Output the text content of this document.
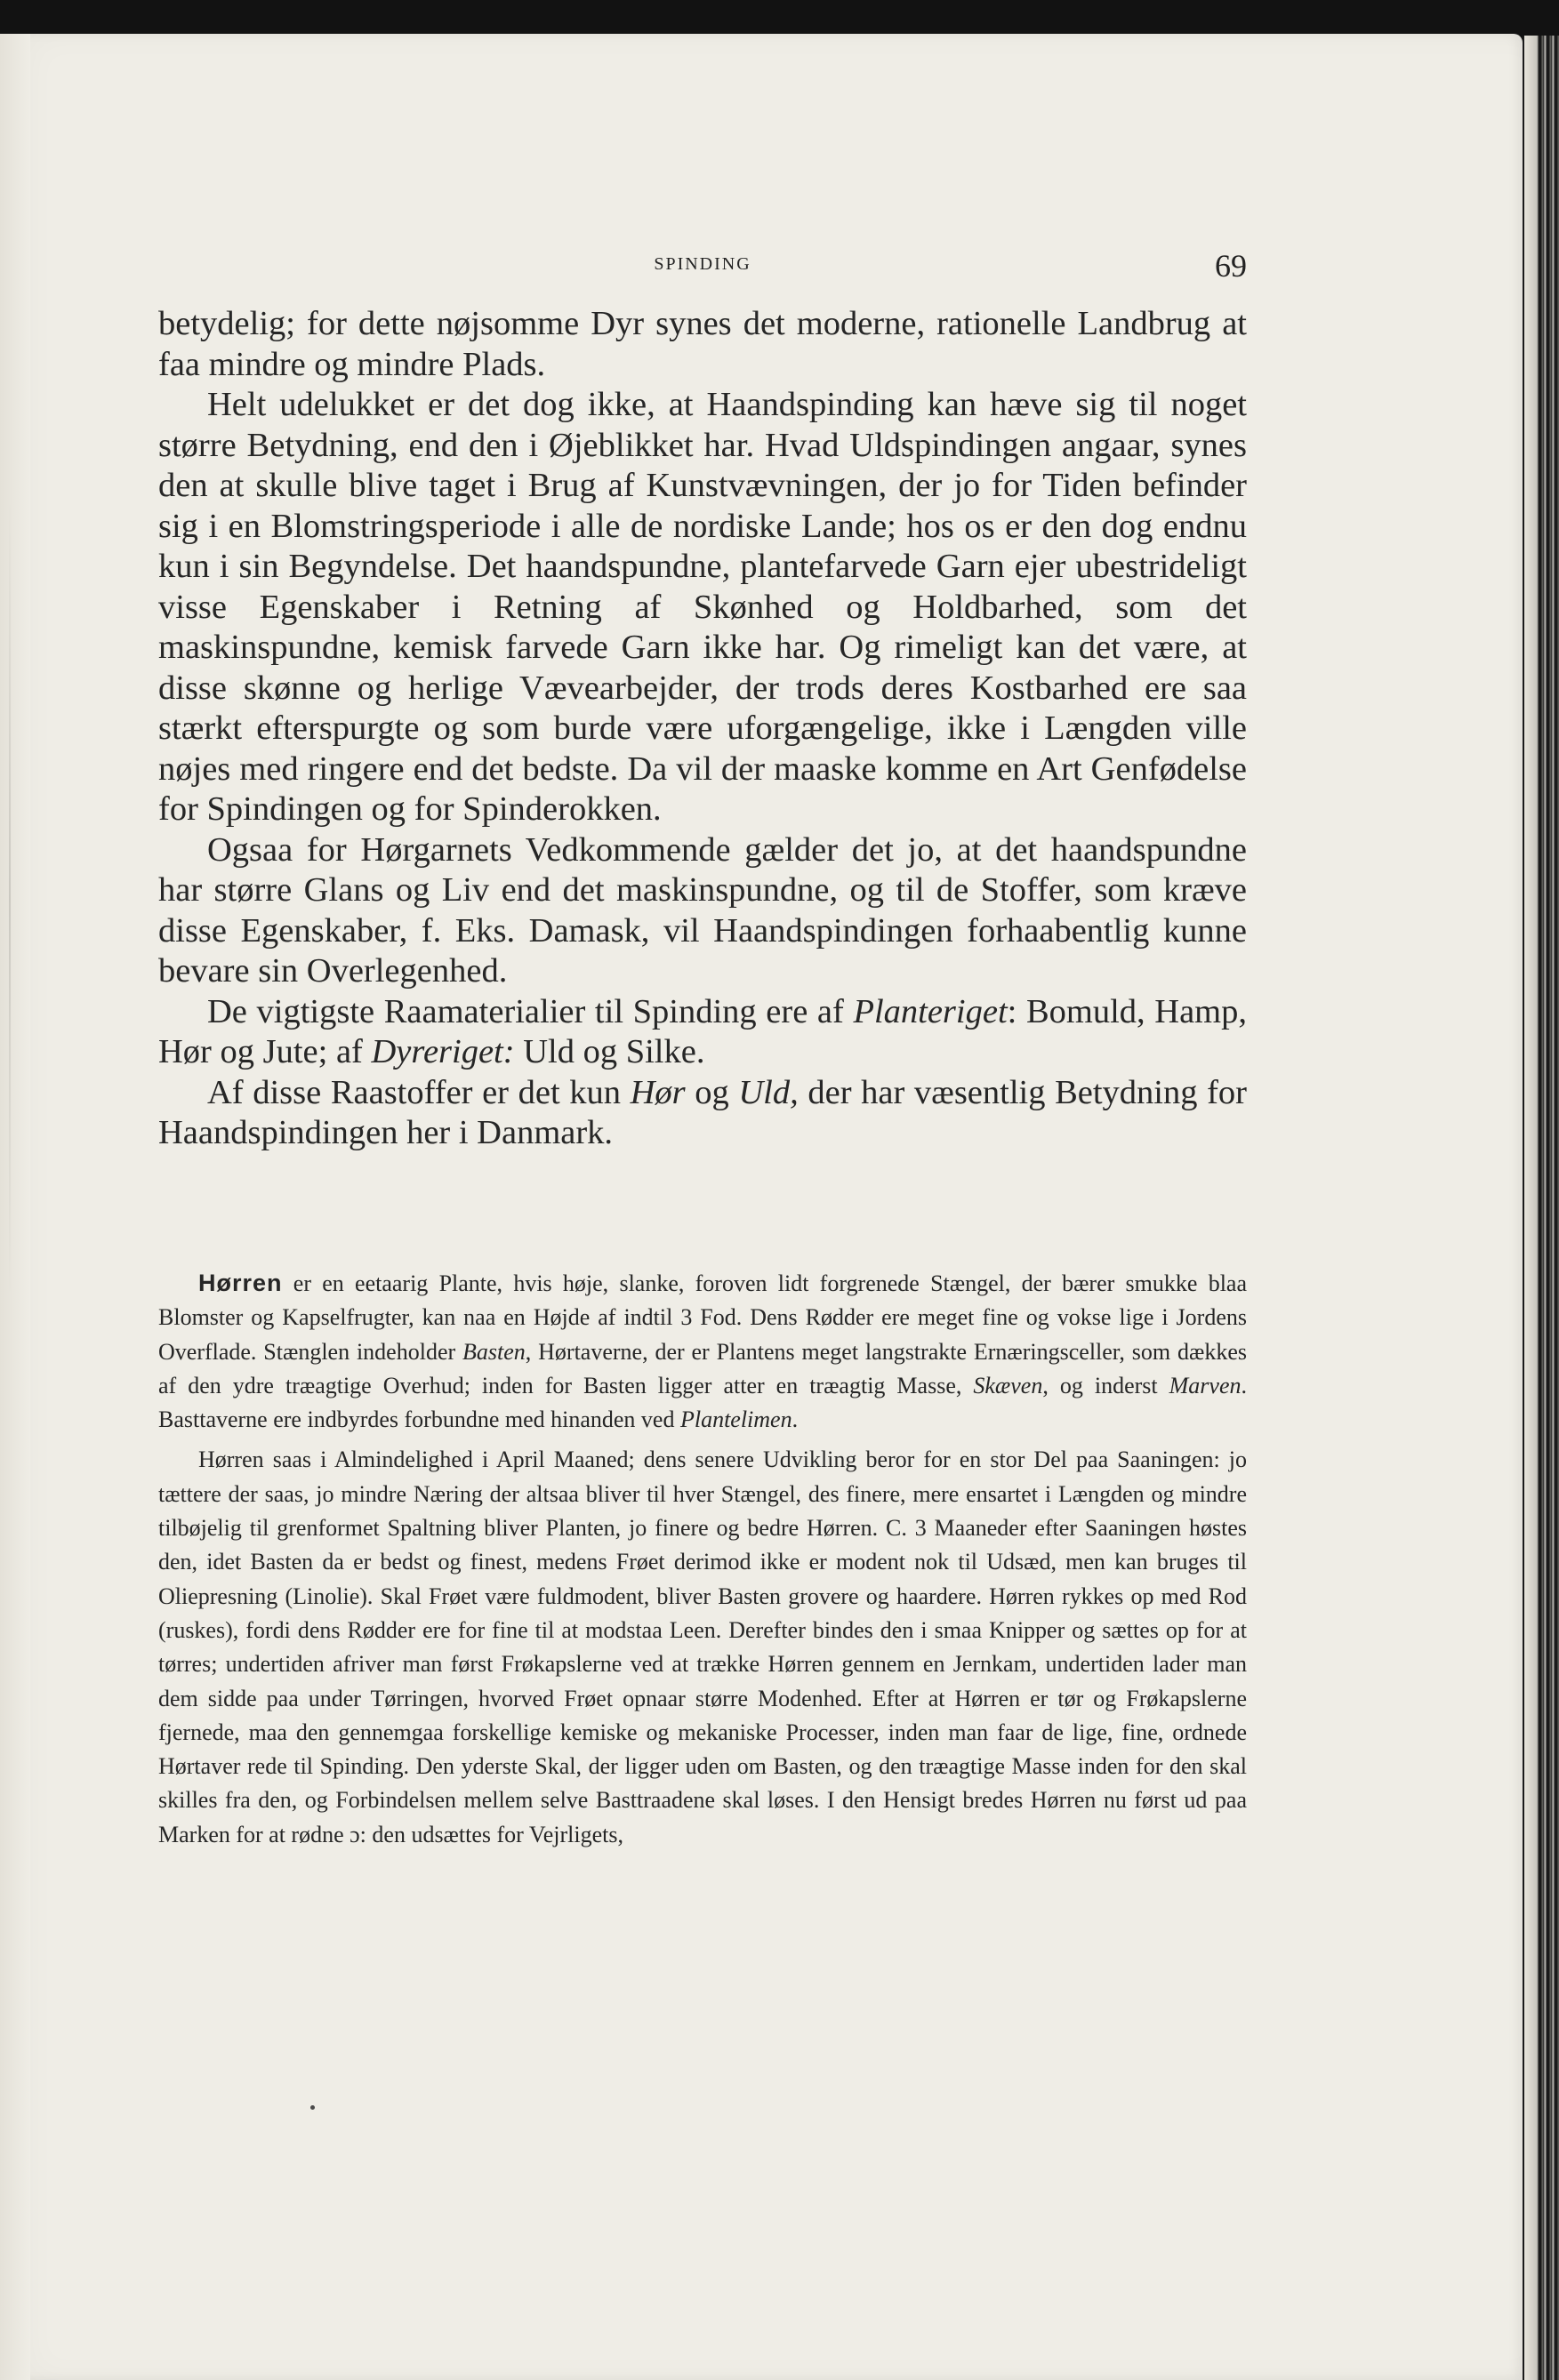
SPINDING	69

betydelig; for dette nøjsomme Dyr synes det moderne, rationelle Landbrug at faa mindre og mindre Plads.

Helt udelukket er det dog ikke, at Haandspinding kan hæve sig til noget større Betydning, end den i Øjeblikket har. Hvad Uldspindingen angaar, synes den at skulle blive taget i Brug af Kunstvævningen, der jo for Tiden befinder sig i en Blomstringsperiode i alle de nordiske Lande; hos os er den dog endnu kun i sin Begyndelse. Det haandspundne, plantefarvede Garn ejer ubestrideligt visse Egenskaber i Retning af Skønhed og Holdbarhed, som det maskinspundne, kemisk farvede Garn ikke har. Og rimeligt kan det være, at disse skønne og herlige Vævearbejder, der trods deres Kostbarhed ere saa stærkt efterspurgte og som burde være uforgængelige, ikke i Længden ville nøjes med ringere end det bedste. Da vil der maaske komme en Art Genfødelse for Spindingen og for Spinderokken.

Ogsaa for Hørgarnets Vedkommende gælder det jo, at det haandspundne har større Glans og Liv end det maskinspundne, og til de Stoffer, som kræve disse Egenskaber, f. Eks. Damask, vil Haandspindingen forhaabentlig kunne bevare sin Overlegenhed.

De vigtigste Raamaterialier til Spinding ere af Planteriget: Bomuld, Hamp, Hør og Jute; af Dyreriget: Uld og Silke.

Af disse Raastoffer er det kun Hør og Uld, der har væsentlig Betydning for Haandspindingen her i Danmark.

Hørren er en eetaarig Plante, hvis høje, slanke, foroven lidt forgrenede Stængel, der bærer smukke blaa Blomster og Kapselfrugter, kan naa en Højde af indtil 3 Fod. Dens Rødder ere meget fine og vokse lige i Jordens Overflade. Stænglen indeholder Basten, Hørtaverne, der er Plantens meget langstrakte Ernæringsceller, som dækkes af den ydre træagtige Overhud; inden for Basten ligger atter en træagtig Masse, Skæven, og inderst Marven. Basttaverne ere indbyrdes forbundne med hinanden ved Plantelimen.

Hørren saas i Almindelighed i April Maaned; dens senere Udvikling beror for en stor Del paa Saaningen: jo tættere der saas, jo mindre Næring der altsaa bliver til hver Stængel, des finere, mere ensartet i Længden og mindre tilbøjelig til grenformet Spaltning bliver Planten, jo finere og bedre Hørren. C. 3 Maaneder efter Saaningen høstes den, idet Basten da er bedst og finest, medens Frøet derimod ikke er modent nok til Udsæd, men kan bruges til Oliepresning (Linolie). Skal Frøet være fuldmodent, bliver Basten grovere og haardere. Hørren rykkes op med Rod (ruskes), fordi dens Rødder ere for fine til at modstaa Leen. Derefter bindes den i smaa Knipper og sættes op for at tørres; undertiden afriver man først Frøkapslerne ved at trække Hørren gennem en Jernkam, undertiden lader man dem sidde paa under Tørringen, hvorved Frøet opnaar større Modenhed. Efter at Hørren er tør og Frøkapslerne fjernede, maa den gennemgaa forskellige kemiske og mekaniske Processer, inden man faar de lige, fine, ordnede Hørtaver rede til Spinding. Den yderste Skal, der ligger uden om Basten, og den træagtige Masse inden for den skal skilles fra den, og Forbindelsen mellem selve Basttraadene skal løses. I den Hensigt bredes Hørren nu først ud paa Marken for at rødne ɔ: den udsættes for Vejrligets,
